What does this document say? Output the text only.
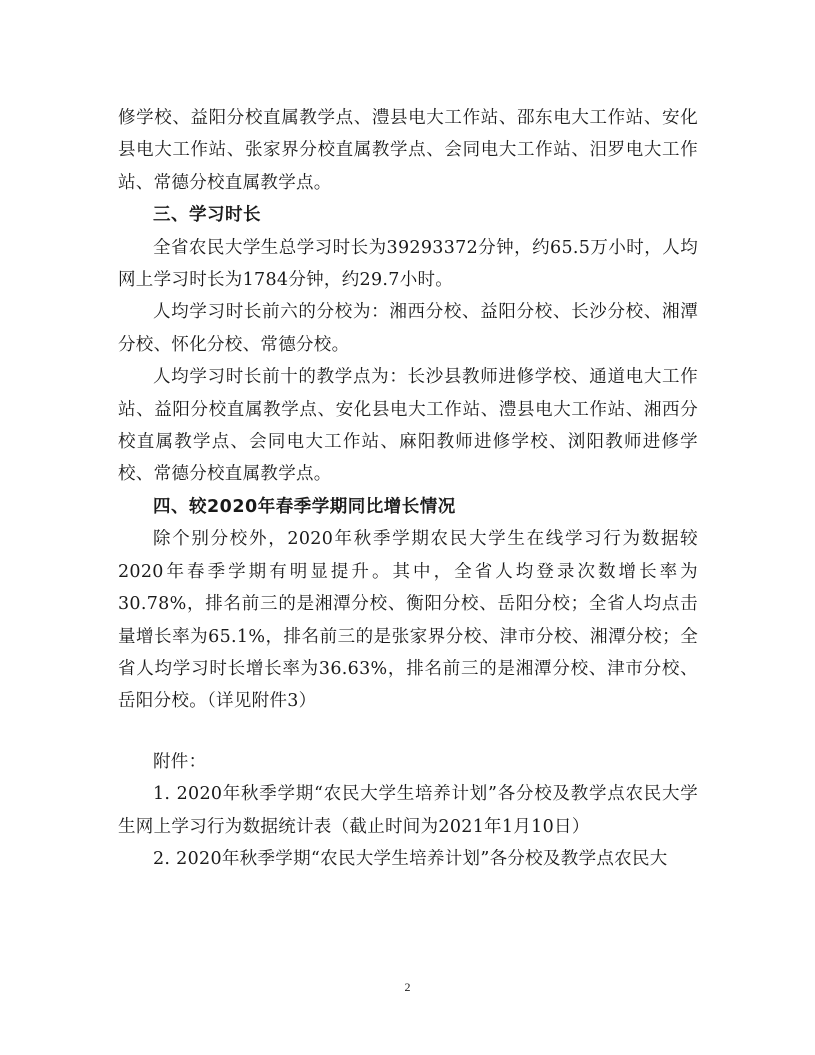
修学校、益阳分校直属教学点、澧县电大工作站、邵东电大工作站、安化县电大工作站、张家界分校直属教学点、会同电大工作站、汨罗电大工作站、常德分校直属教学点。

三、学习时长

全省农民大学生总学习时长为39293372分钟，约65.5万小时，人均网上学习时长为1784分钟，约29.7小时。

人均学习时长前六的分校为：湘西分校、益阳分校、长沙分校、湘潭分校、怀化分校、常德分校。

人均学习时长前十的教学点为：长沙县教师进修学校、通道电大工作站、益阳分校直属教学点、安化县电大工作站、澧县电大工作站、湘西分校直属教学点、会同电大工作站、麻阳教师进修学校、浏阳教师进修学校、常德分校直属教学点。

四、较2020年春季学期同比增长情况

除个别分校外，2020年秋季学期农民大学生在线学习行为数据较2020年春季学期有明显提升。其中，全省人均登录次数增长率为30.78%，排名前三的是湘潭分校、衡阳分校、岳阳分校；全省人均点击量增长率为65.1%，排名前三的是张家界分校、津市分校、湘潭分校；全省人均学习时长增长率为36.63%，排名前三的是湘潭分校、津市分校、岳阳分校。（详见附件3）

附件：

1. 2020年秋季学期“农民大学生培养计划”各分校及教学点农民大学生网上学习行为数据统计表（截止时间为2021年1月10日）

2. 2020年秋季学期“农民大学生培养计划”各分校及教学点农民大

2
